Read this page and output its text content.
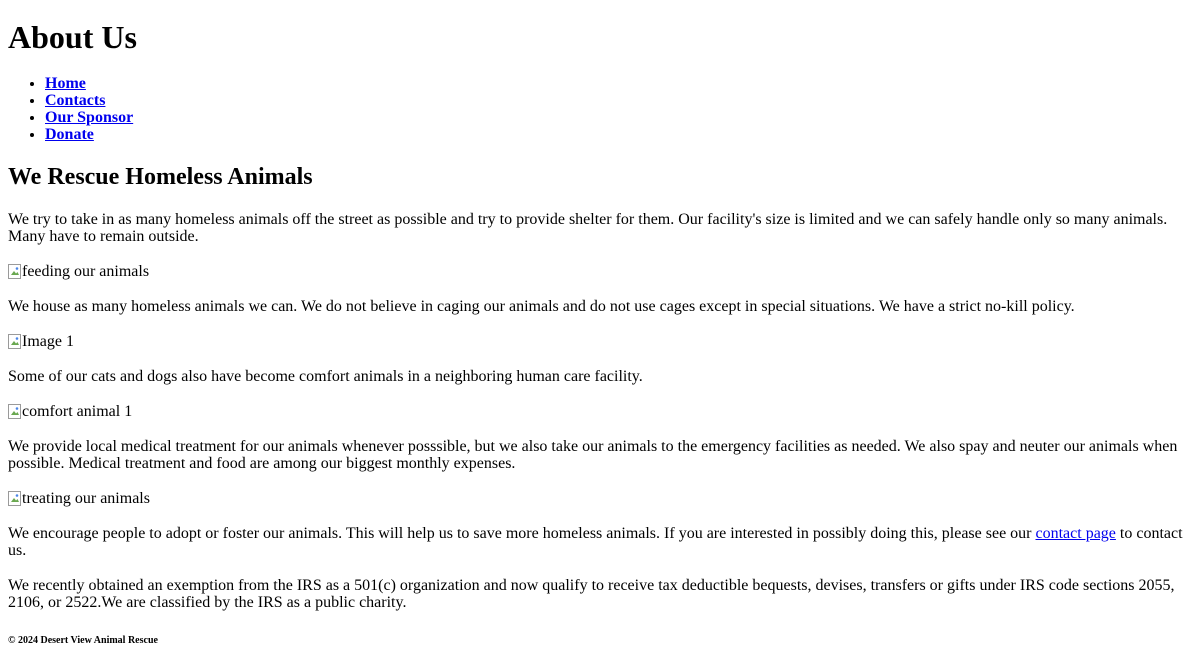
About Us
• Home
• Contacts
• Our Sponsor
• Donate
We Rescue Homeless Animals

We try to take in as many homeless animals off the street as possible and try to provide shelter for them. Our facility's size is limited and we can safely handle only so many animals. Many have to remain outside.

feeding our animals

We house as many homeless animals we can. We do not believe in caging our animals and do not use cages except in special situations. We have a strict no-kill policy.

Image 1

Some of our cats and dogs also have become comfort animals in a neighboring human care facility.

comfort animal 1

We provide local medical treatment for our animals whenever posssible, but we also take our animals to the emergency facilities as needed. We also spay and neuter our animals when possible. Medical treatment and food are among our biggest monthly expenses.

treating our animals

We encourage people to adopt or foster our animals. This will help us to save more homeless animals. If you are interested in possibly doing this, please see our contact page to contact us.

We recently obtained an exemption from the IRS as a 501(c) organization and now qualify to receive tax deductible bequests, devises, transfers or gifts under IRS code sections 2055, 2106, or 2522.We are classified by the IRS as a public charity.

© 2024 Desert View Animal Rescue
